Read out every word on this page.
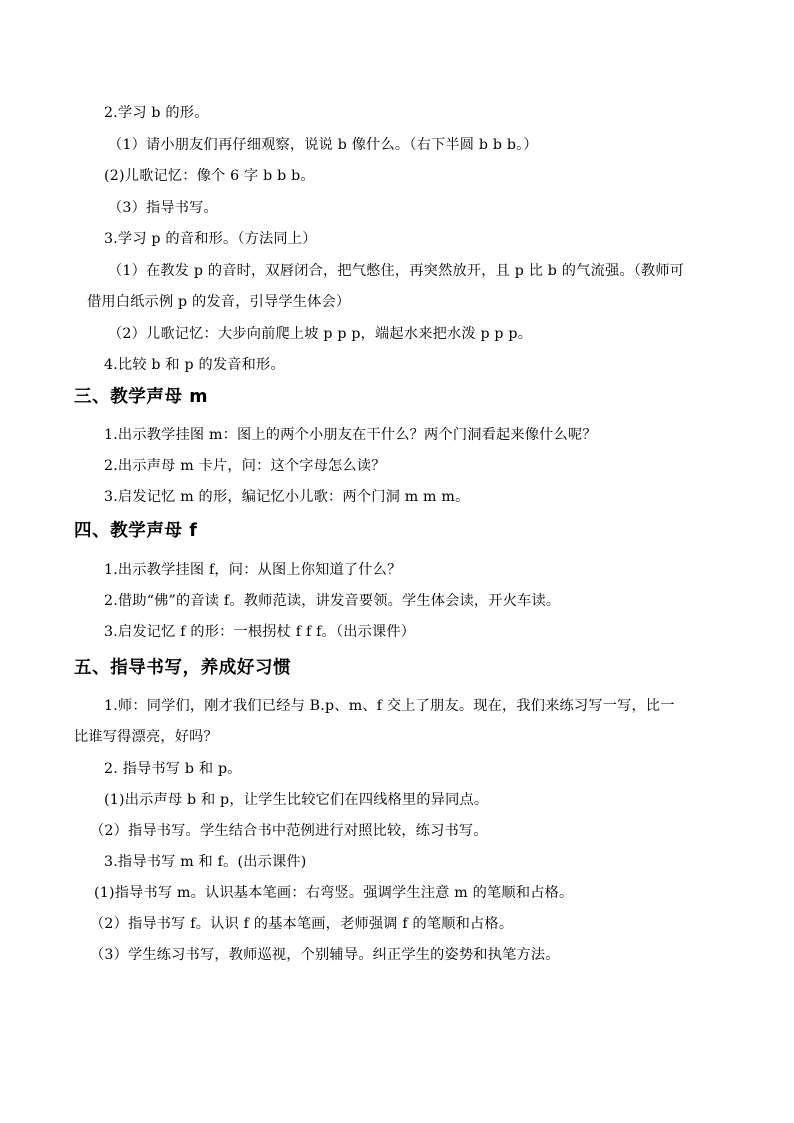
2.学习 b 的形。
（1）请小朋友们再仔细观察，说说 b 像什么。（右下半圆 b b b。）
(2)儿歌记忆：像个 6 字 b b b。
（3）指导书写。
3.学习 p 的音和形。（方法同上）
（1）在教发 p 的音时，双唇闭合，把气憋住，再突然放开，且 p 比 b 的气流强。（教师可
借用白纸示例 p 的发音，引导学生体会）
（2）儿歌记忆：大步向前爬上坡 p p p，端起水来把水泼 p p p。
4.比较 b 和 p 的发音和形。
三、教学声母 m
1.出示教学挂图 m：图上的两个小朋友在干什么？两个门洞看起来像什么呢？
2.出示声母 m 卡片，问：这个字母怎么读？
3.启发记忆 m 的形，编记忆小儿歌：两个门洞 m m m。
四、教学声母 f
1.出示教学挂图 f，问：从图上你知道了什么？
2.借助“佛”的音读 f。教师范读，讲发音要领。学生体会读，开火车读。
3.启发记忆 f 的形：一根拐杖 f f f。（出示课件）
五、指导书写，养成好习惯
1.师：同学们，刚才我们已经与 B.p、m、f 交上了朋友。现在，我们来练习写一写，比一
比谁写得漂亮，好吗？
2. 指导书写 b 和 p。
(1)出示声母 b 和 p，让学生比较它们在四线格里的异同点。
（2）指导书写。学生结合书中范例进行对照比较，练习书写。
3.指导书写 m 和 f。(出示课件)
(1)指导书写 m。认识基本笔画：右弯竖。强调学生注意 m 的笔顺和占格。
（2）指导书写 f。认识 f 的基本笔画，老师强调 f 的笔顺和占格。
（3）学生练习书写，教师巡视，个别辅导。纠正学生的姿势和执笔方法。
